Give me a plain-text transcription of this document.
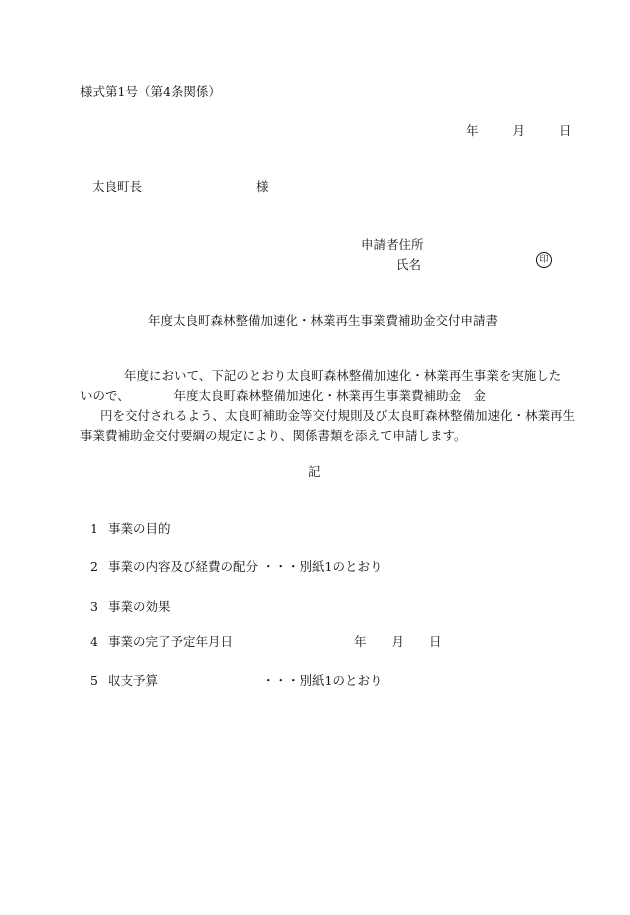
様式第1号（第4条関係）
年	月	日
太良町長	様
申請者住所
氏名	印
年度太良町森林整備加速化・林業再生事業費補助金交付申請書
年度において、下記のとおり太良町森林整備加速化・林業再生事業を実施した
いので、　　　　年度太良町森林整備加速化・林業再生事業費補助金　金
円を交付されるよう、太良町補助金等交付規則及び太良町森林整備加速化・林業再生
事業費補助金交付要綱の規定により、関係書類を添えて申請します。
記
1 事業の目的
2 事業の内容及び経費の配分 ・・・別紙1のとおり
3 事業の効果
4 事業の完了予定年月日	年　　月　　日
5 収支予算	・・・別紙1のとおり
